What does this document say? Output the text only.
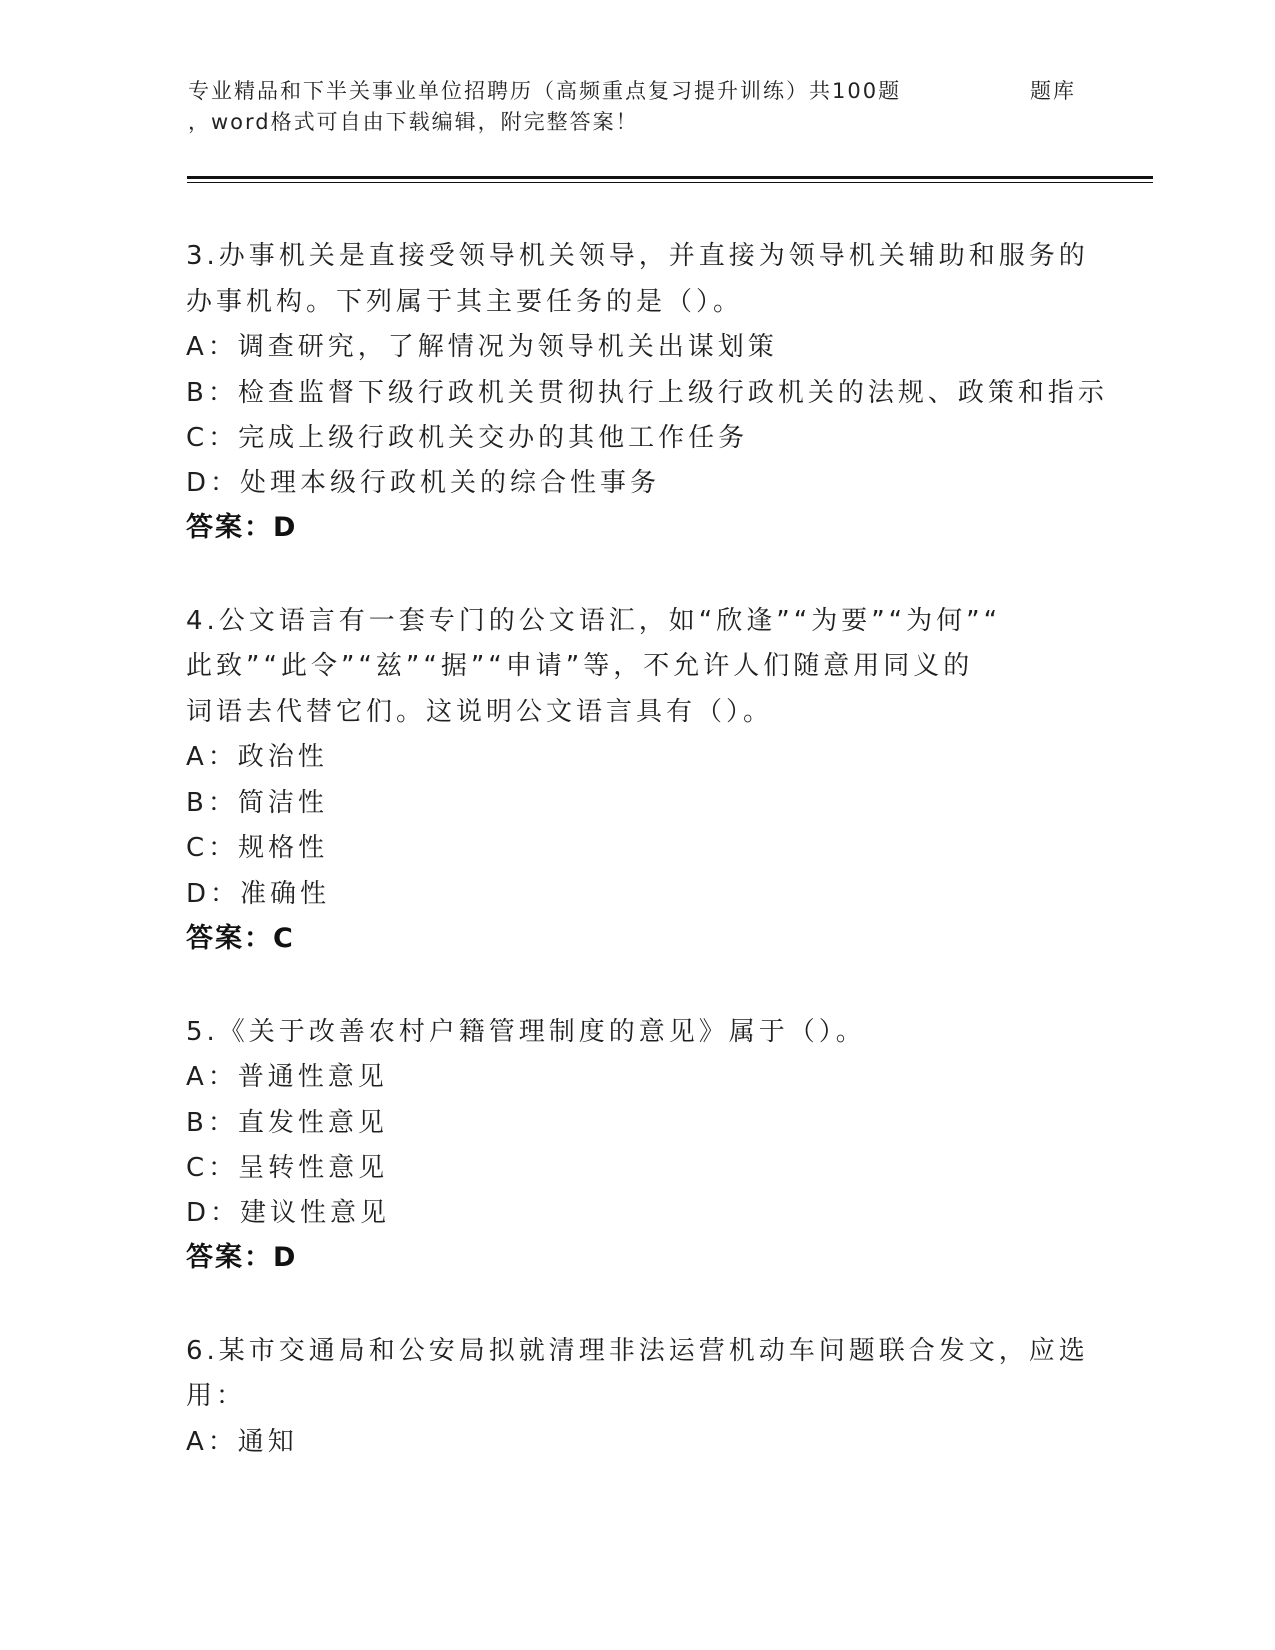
专业精品和下半关事业单位招聘历（高频重点复习提升训练）共100题
，word格式可自由下载编辑，附完整答案！
题库
3.办事机关是直接受领导机关领导，并直接为领导机关辅助和服务的
办事机构。下列属于其主要任务的是（）。
A：调查研究，了解情况为领导机关出谋划策
B：检查监督下级行政机关贯彻执行上级行政机关的法规、政策和指示
C：完成上级行政机关交办的其他工作任务
D：处理本级行政机关的综合性事务
答案：D
4.公文语言有一套专门的公文语汇，如“欣逢”“为要”“为何”“
此致”“此令”“兹”“据”“申请”等，不允许人们随意用同义的
词语去代替它们。这说明公文语言具有（）。
A：政治性
B：简洁性
C：规格性
D：准确性
答案：C
5.《关于改善农村户籍管理制度的意见》属于（）。
A：普通性意见
B：直发性意见
C：呈转性意见
D：建议性意见
答案：D
6.某市交通局和公安局拟就清理非法运营机动车问题联合发文，应选
用：
A：通知
